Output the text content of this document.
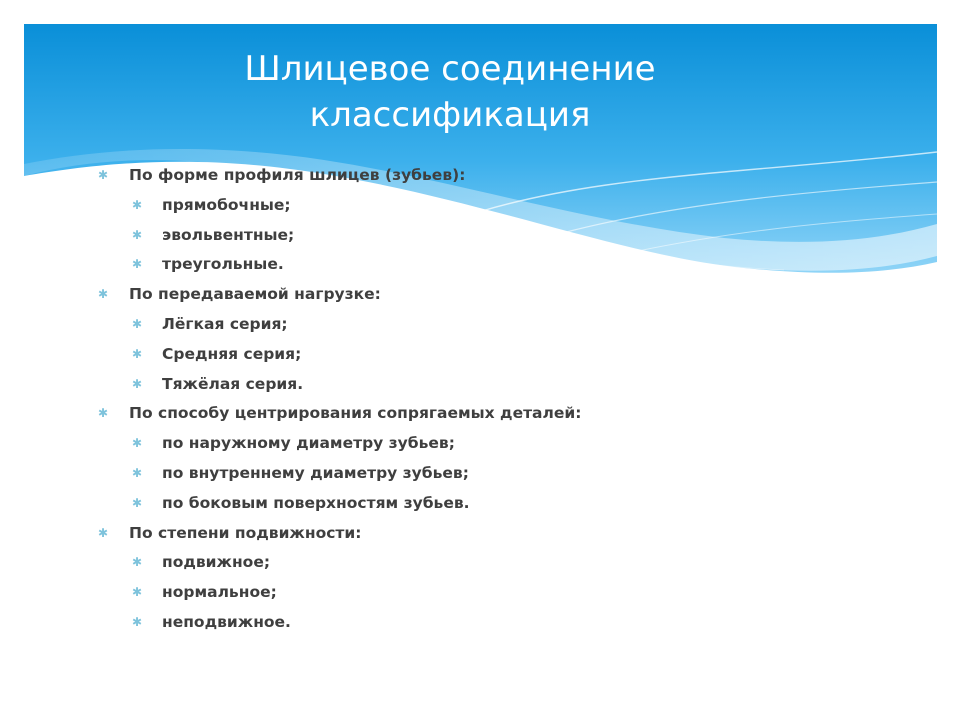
Шлицевое соединение
классификация
✱ По форме профиля шлицев (зубьев):
✱ прямобочные;
✱ эвольвентные;
✱ треугольные.
✱ По передаваемой нагрузке:
✱ Лёгкая серия;
✱ Средняя серия;
✱ Тяжёлая серия.
✱ По способу центрирования сопрягаемых деталей:
✱ по наружному диаметру зубьев;
✱ по внутреннему диаметру зубьев;
✱ по боковым поверхностям зубьев.
✱ По степени подвижности:
✱ подвижное;
✱ нормальное;
✱ неподвижное.
